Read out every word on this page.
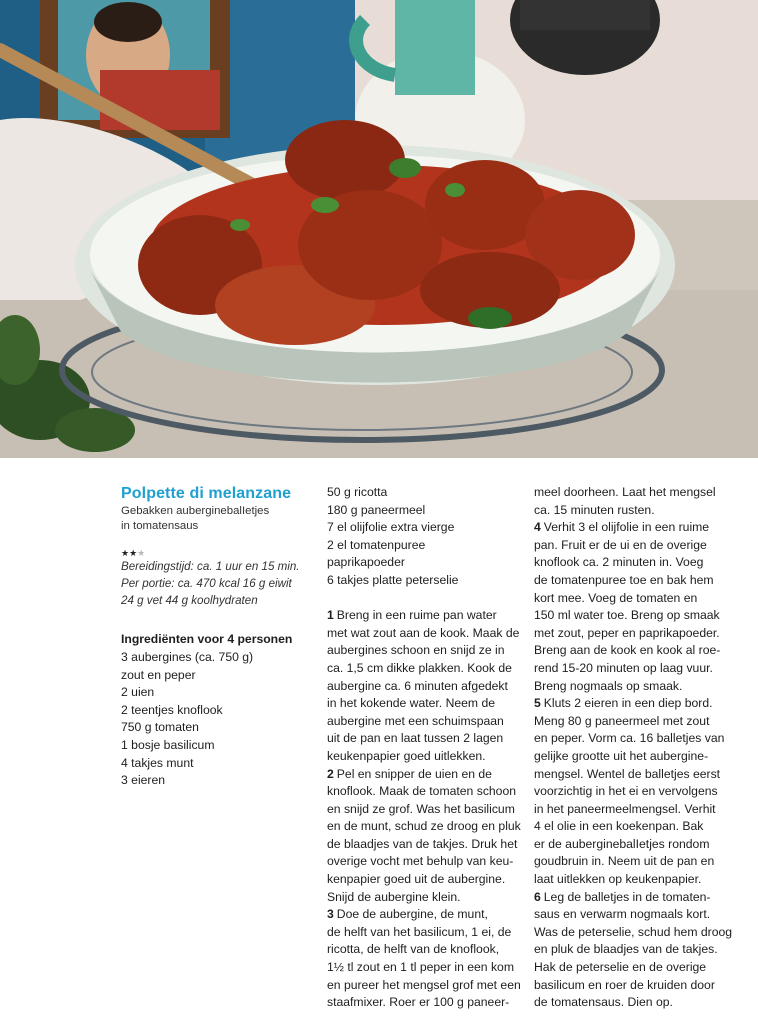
Polpette di melanzane
Gebakken auberginebalIetjes
in tomatensaus
★★★
Bereidingstijd: ca. 1 uur en 15 min.
Per portie: ca. 470 kcal 16 g eiwit
24 g vet 44 g koolhydraten
Ingrediënten voor 4 personen
3 aubergines (ca. 750 g)
zout en peper
2 uien
2 teentjes knoflook
750 g tomaten
1 bosje basilicum
4 takjes munt
3 eieren
50 g ricotta
180 g paneermeel
7 el olijfolie extra vierge
2 el tomatenpuree
paprikapoeder
6 takjes platte peterselie
1 Breng in een ruime pan water
met wat zout aan de kook. Maak de
aubergines schoon en snijd ze in
ca. 1,5 cm dikke plakken. Kook de
aubergine ca. 6 minuten afgedekt
in het kokende water. Neem de
aubergine met een schuimspaan
uit de pan en laat tussen 2 lagen
keukenpapier goed uitlekken.
2 Pel en snipper de uien en de
knoflook. Maak de tomaten schoon
en snijd ze grof. Was het basilicum
en de munt, schud ze droog en pluk
de blaadjes van de takjes. Druk het
overige vocht met behulp van keu-
kenpapier goed uit de aubergine.
Snijd de aubergine klein.
3 Doe de aubergine, de munt,
de helft van het basilicum, 1 ei, de
ricotta, de helft van de knoflook,
1½ tl zout en 1 tl peper in een kom
en pureer het mengsel grof met een
staafmixer. Roer er 100 g paneer-
meel doorheen. Laat het mengsel
ca. 15 minuten rusten.
4 Verhit 3 el olijfolie in een ruime
pan. Fruit er de ui en de overige
knoflook ca. 2 minuten in. Voeg
de tomatenpuree toe en bak hem
kort mee. Voeg de tomaten en
150 ml water toe. Breng op smaak
met zout, peper en paprikapoeder.
Breng aan de kook en kook al roe-
rend 15-20 minuten op laag vuur.
Breng nogmaals op smaak.
5 Kluts 2 eieren in een diep bord.
Meng 80 g paneermeel met zout
en peper. Vorm ca. 16 balletjes van
gelijke grootte uit het aubergine-
mengsel. Wentel de balletjes eerst
voorzichtig in het ei en vervolgens
in het paneermeelmengsel. Verhit
4 el olie in een koekenpan. Bak
er de auberginebalIetjes rondom
goudbruin in. Neem uit de pan en
laat uitlekken op keukenpapier.
6 Leg de balletjes in de tomaten-
saus en verwarm nogmaals kort.
Was de peterselie, schud hem droog
en pluk de blaadjes van de takjes.
Hak de peterselie en de overige
basilicum en roer de kruiden door
de tomatensaus. Dien op.
